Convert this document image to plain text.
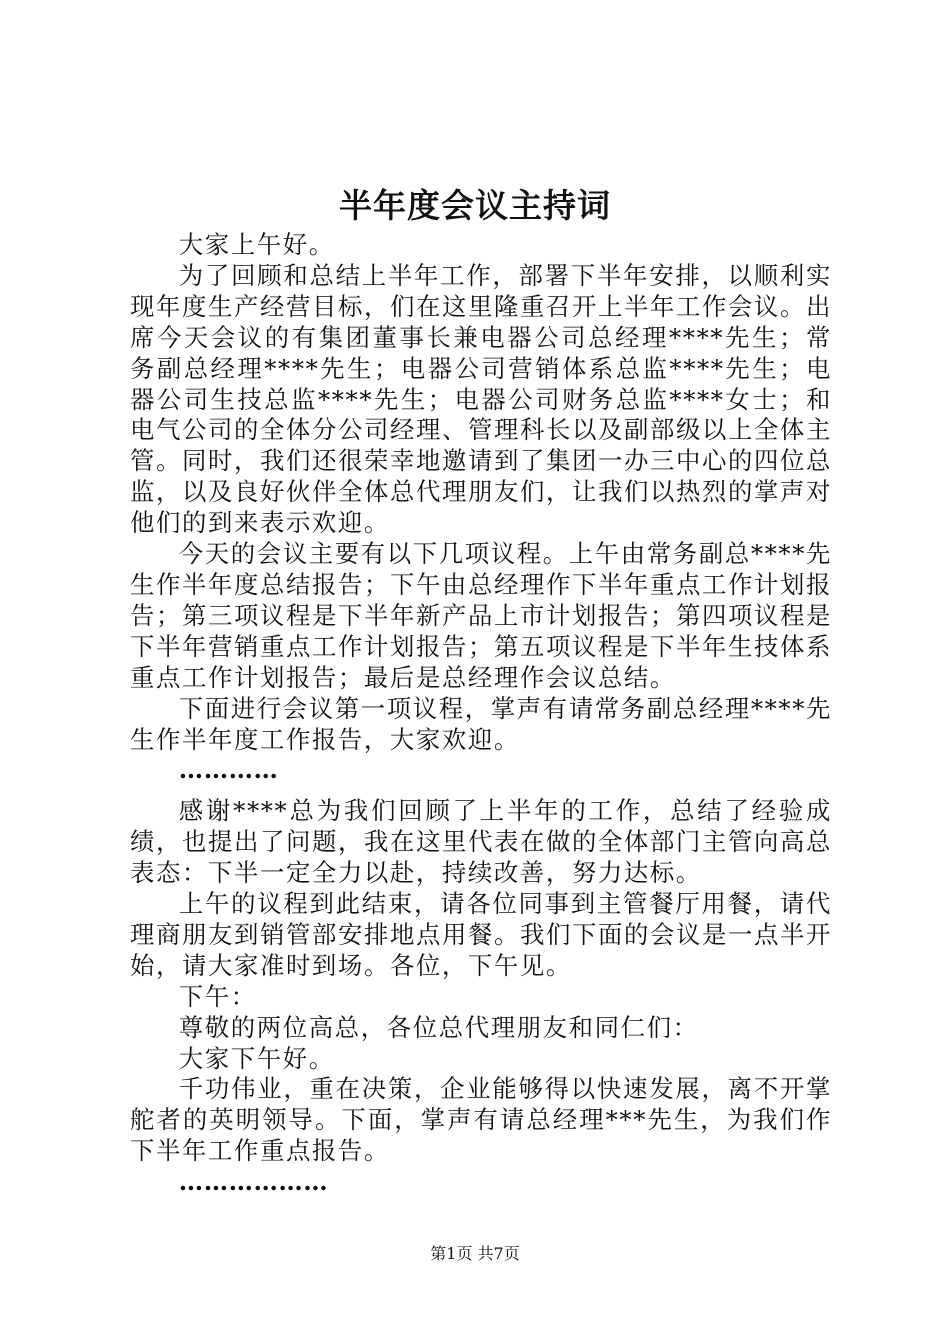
半年度会议主持词

大家上午好。

为了回顾和总结上半年工作，部署下半年安排，以顺利实现年度生产经营目标，们在这里隆重召开上半年工作会议。出席今天会议的有集团董事长兼电器公司总经理****先生；常务副总经理****先生；电器公司营销体系总监****先生；电器公司生技总监****先生；电器公司财务总监****女士；和电气公司的全体分公司经理、管理科长以及副部级以上全体主管。同时，我们还很荣幸地邀请到了集团一办三中心的四位总监，以及良好伙伴全体总代理朋友们，让我们以热烈的掌声对他们的到来表示欢迎。

今天的会议主要有以下几项议程。上午由常务副总****先生作半年度总结报告；下午由总经理作下半年重点工作计划报告；第三项议程是下半年新产品上市计划报告；第四项议程是下半年营销重点工作计划报告；第五项议程是下半年生技体系重点工作计划报告；最后是总经理作会议总结。

下面进行会议第一项议程，掌声有请常务副总经理****先生作半年度工作报告，大家欢迎。

…………

感谢****总为我们回顾了上半年的工作，总结了经验成绩，也提出了问题，我在这里代表在做的全体部门主管向高总表态：下半一定全力以赴，持续改善，努力达标。

上午的议程到此结束，请各位同事到主管餐厅用餐，请代理商朋友到销管部安排地点用餐。我们下面的会议是一点半开始，请大家准时到场。各位，下午见。

下午：

尊敬的两位高总，各位总代理朋友和同仁们：

大家下午好。

千功伟业，重在决策，企业能够得以快速发展，离不开掌舵者的英明领导。下面，掌声有请总经理***先生，为我们作下半年工作重点报告。

………………

第1页 共7页
